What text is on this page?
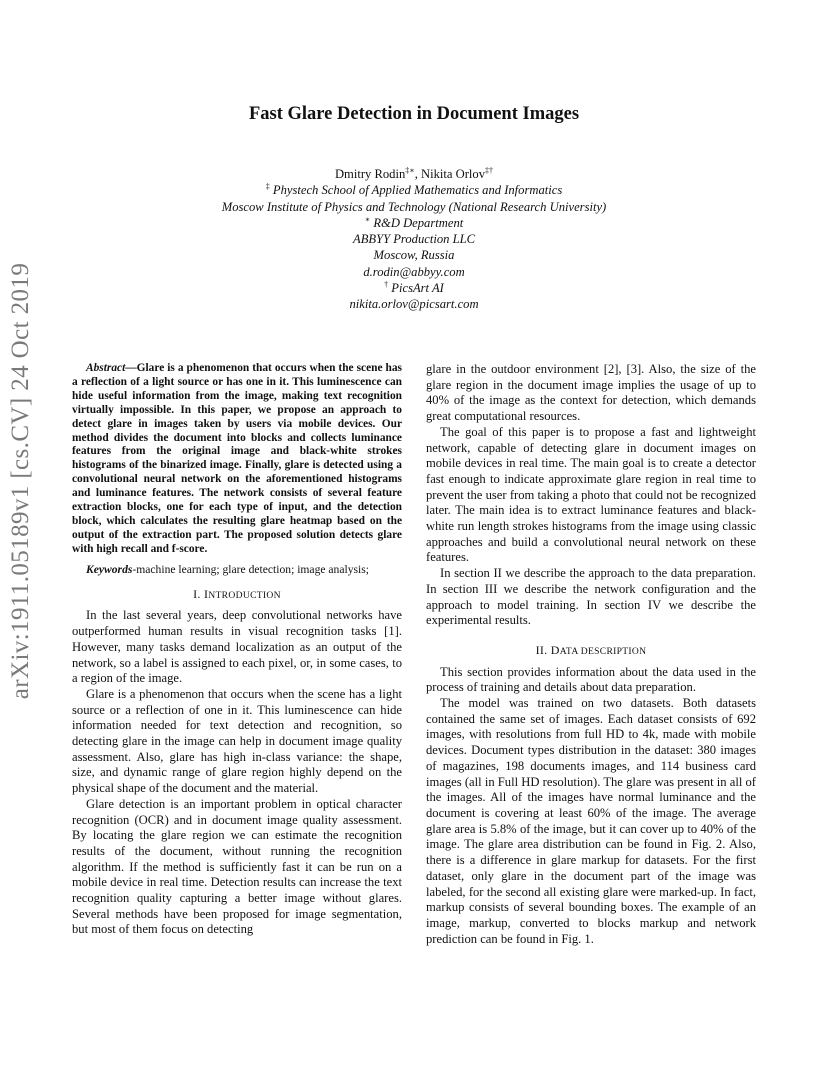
arXiv:1911.05189v1 [cs.CV] 24 Oct 2019
Fast Glare Detection in Document Images
Dmitry Rodin‡∗, Nikita Orlov‡†
‡ Phystech School of Applied Mathematics and Informatics
Moscow Institute of Physics and Technology (National Research University)
∗ R&D Department
ABBYY Production LLC
Moscow, Russia
d.rodin@abbyy.com
† PicsArt AI
nikita.orlov@picsart.com

Abstract—Glare is a phenomenon that occurs when the scene has a reflection of a light source or has one in it. This luminescence can hide useful information from the image, making text recognition virtually impossible. In this paper, we propose an approach to detect glare in images taken by users via mobile devices. Our method divides the document into blocks and collects luminance features from the original image and black-white strokes histograms of the binarized image. Finally, glare is detected using a convolutional neural network on the aforementioned histograms and luminance features. The network consists of several feature extraction blocks, one for each type of input, and the detection block, which calculates the resulting glare heatmap based on the output of the extraction part. The proposed solution detects glare with high recall and f-score.

Keywords-machine learning; glare detection; image analysis;

I. INTRODUCTION

In the last several years, deep convolutional networks have outperformed human results in visual recognition tasks [1]. However, many tasks demand localization as an output of the network, so a label is assigned to each pixel, or, in some cases, to a region of the image.

Glare is a phenomenon that occurs when the scene has a light source or a reflection of one in it. This luminescence can hide information needed for text detection and recognition, so detecting glare in the image can help in document image quality assessment. Also, glare has high in-class variance: the shape, size, and dynamic range of glare region highly depend on the physical shape of the document and the material.

Glare detection is an important problem in optical character recognition (OCR) and in document image quality assessment. By locating the glare region we can estimate the recognition results of the document, without running the recognition algorithm. If the method is sufficiently fast it can be run on a mobile device in real time. Detection results can increase the text recognition quality capturing a better image without glares. Several methods have been proposed for image segmentation, but most of them focus on detecting

glare in the outdoor environment [2], [3]. Also, the size of the glare region in the document image implies the usage of up to 40% of the image as the context for detection, which demands great computational resources.

The goal of this paper is to propose a fast and lightweight network, capable of detecting glare in document images on mobile devices in real time. The main goal is to create a detector fast enough to indicate approximate glare region in real time to prevent the user from taking a photo that could not be recognized later. The main idea is to extract luminance features and black-white run length strokes histograms from the image using classic approaches and build a convolutional neural network on these features.

In section II we describe the approach to the data preparation. In section III we describe the network configuration and the approach to model training. In section IV we describe the experimental results.

II. DATA DESCRIPTION

This section provides information about the data used in the process of training and details about data preparation.

The model was trained on two datasets. Both datasets contained the same set of images. Each dataset consists of 692 images, with resolutions from full HD to 4k, made with mobile devices. Document types distribution in the dataset: 380 images of magazines, 198 documents images, and 114 business card images (all in Full HD resolution). The glare was present in all of the images. All of the images have normal luminance and the document is covering at least 60% of the image. The average glare area is 5.8% of the image, but it can cover up to 40% of the image. The glare area distribution can be found in Fig. 2. Also, there is a difference in glare markup for datasets. For the first dataset, only glare in the document part of the image was labeled, for the second all existing glare were marked-up. In fact, markup consists of several bounding boxes. The example of an image, markup, converted to blocks markup and network prediction can be found in Fig. 1.
